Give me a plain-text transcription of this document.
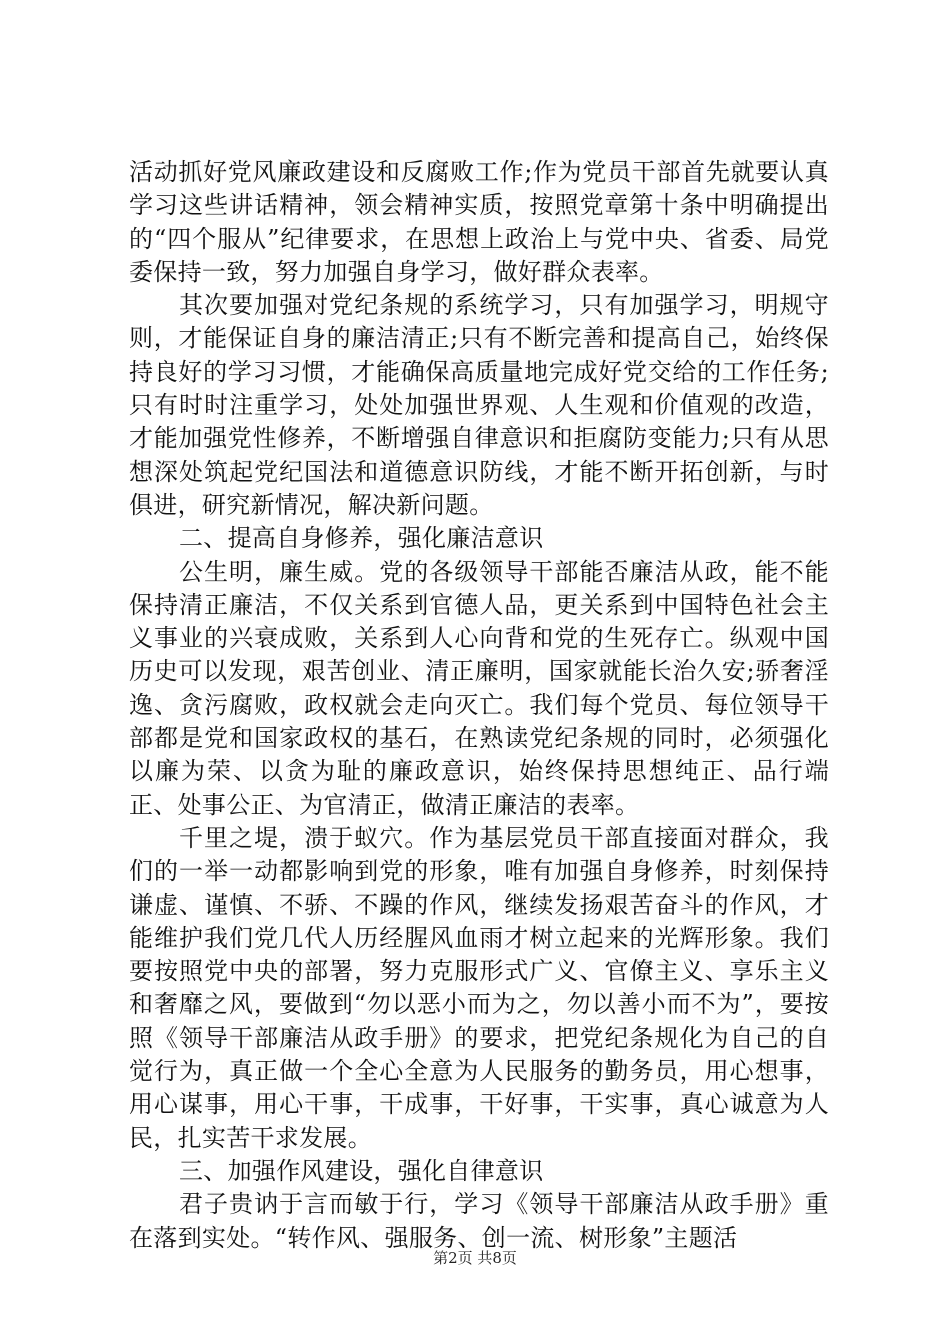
活动抓好党风廉政建设和反腐败工作;作为党员干部首先就要认真学习这些讲话精神，领会精神实质，按照党章第十条中明确提出的“四个服从”纪律要求，在思想上政治上与党中央、省委、局党委保持一致，努力加强自身学习，做好群众表率。

其次要加强对党纪条规的系统学习，只有加强学习，明规守则，才能保证自身的廉洁清正;只有不断完善和提高自己，始终保持良好的学习习惯，才能确保高质量地完成好党交给的工作任务;只有时时注重学习，处处加强世界观、人生观和价值观的改造，才能加强党性修养，不断增强自律意识和拒腐防变能力;只有从思想深处筑起党纪国法和道德意识防线，才能不断开拓创新，与时俱进，研究新情况，解决新问题。

二、提高自身修养，强化廉洁意识

公生明，廉生威。党的各级领导干部能否廉洁从政，能不能保持清正廉洁，不仅关系到官德人品，更关系到中国特色社会主义事业的兴衰成败，关系到人心向背和党的生死存亡。纵观中国历史可以发现，艰苦创业、清正廉明，国家就能长治久安;骄奢淫逸、贪污腐败，政权就会走向灭亡。我们每个党员、每位领导干部都是党和国家政权的基石，在熟读党纪条规的同时，必须强化以廉为荣、以贪为耻的廉政意识，始终保持思想纯正、品行端正、处事公正、为官清正，做清正廉洁的表率。

千里之堤，溃于蚁穴。作为基层党员干部直接面对群众，我们的一举一动都影响到党的形象，唯有加强自身修养，时刻保持谦虚、谨慎、不骄、不躁的作风，继续发扬艰苦奋斗的作风，才能维护我们党几代人历经腥风血雨才树立起来的光辉形象。我们要按照党中央的部署，努力克服形式广义、官僚主义、享乐主义和奢靡之风，要做到“勿以恶小而为之，勿以善小而不为”，要按照《领导干部廉洁从政手册》的要求，把党纪条规化为自己的自觉行为，真正做一个全心全意为人民服务的勤务员，用心想事，用心谋事，用心干事，干成事，干好事，干实事，真心诚意为人民，扎实苦干求发展。

三、加强作风建设，强化自律意识

君子贵讷于言而敏于行，学习《领导干部廉洁从政手册》重在落到实处。“转作风、强服务、创一流、树形象”主题活

第2页 共8页
